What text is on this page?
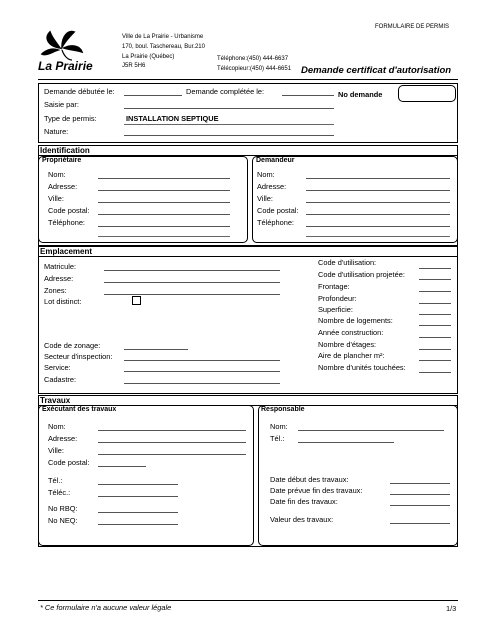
FORMULAIRE DE PERMIS
La Prairie
Ville de La Prairie - Urbanisme
170, boul. Taschereau, Bur.210
La Prairie (Québec)
J5R 5H6
Téléphone:(450) 444-6637
Télécopieur:(450) 444-6651 Demande certificat d'autorisation
Demande débutée le:	Demande complétée le:	No demande
Saisie par:
Type de permis:	INSTALLATION SEPTIQUE
Nature:
Identification
Propriétaire
Nom:
Adresse:
Ville:
Code postal:
Téléphone:
Demandeur
Nom:
Adresse:
Ville:
Code postal:
Téléphone:
Emplacement
Matricule:
Adresse:
Zones:
Lot distinct:
Code de zonage:
Secteur d'inspection:
Service:
Cadastre:
Code d'utilisation:
Code d'utilisation projetée:
Frontage:
Profondeur:
Superficie:
Nombre de logements:
Année construction:
Nombre d'étages:
Aire de plancher m²:
Nombre d'unités touchées:
Travaux
Exécutant des travaux
Nom:
Adresse:
Ville:
Code postal:
Tél.:
Téléc.:
No RBQ:
No NEQ:
Responsable
Nom:
Tél.:
Date début des travaux:
Date prévue fin des travaux:
Date fin des travaux:
Valeur des travaux:
* Ce formulaire n'a aucune valeur légale	1/3
